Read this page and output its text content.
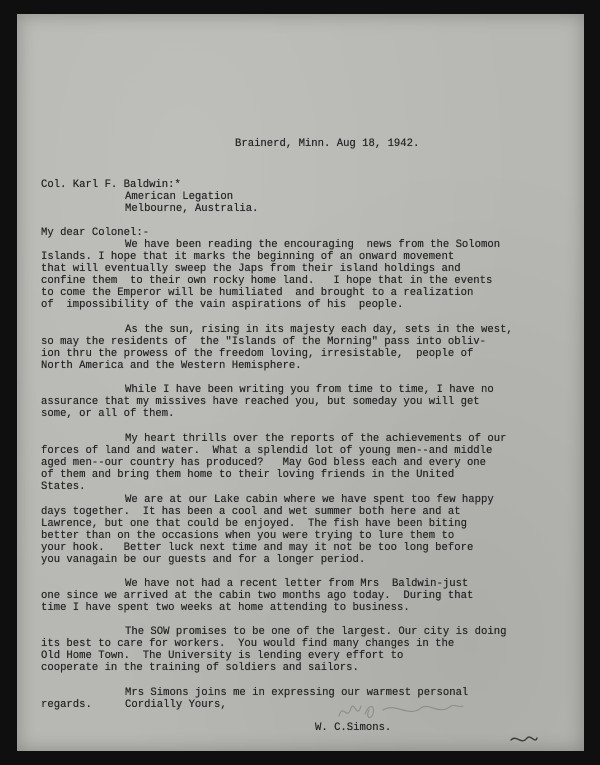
Brainerd, Minn. Aug 18, 1942.
Col. Karl F. Baldwin:*
American Legation
Melbourne, Australia.
My dear Colonel:-
We have been reading the encouraging  news from the Solomon
Islands. I hope that it marks the beginning of an onward movement
that will eventually sweep the Japs from their island holdings and
confine them  to their own rocky home land.   I hope that in the events
to come the Emperor will be humiliated  and brought to a realization
of  impossibility of the vain aspirations of his  people.
As the sun, rising in its majesty each day, sets in the west,
so may the residents of  the "Islands of the Morning" pass into obliv-
ion thru the prowess of the freedom loving, irresistable,  people of
North America and the Western Hemisphere.
While I have been writing you from time to time, I have no
assurance that my missives have reached you, but someday you will get
some, or all of them.
My heart thrills over the reports of the achievements of our
forces of land and water.  What a splendid lot of young men--and middle
aged men--our country has produced?   May God bless each and every one
of them and bring them home to their loving friends in the United
States.
We are at our Lake cabin where we have spent too few happy
days together.  It has been a cool and wet summer both here and at
Lawrence, but one that could be enjoyed.  The fish have been biting
better than on the occasions when you were trying to lure them to
your hook.   Better luck next time and may it not be too long before
you vanagain be our guests and for a longer period.
We have not had a recent letter from Mrs  Baldwin-just
one since we arrived at the cabin two months ago today.  During that
time I have spent two weeks at home attending to business.
The SOW promises to be one of the largest. Our city is doing
its best to care for workers.  You would find many changes in the
Old Home Town.  The University is lending every effort to
cooperate in the training of soldiers and sailors.
Mrs Simons joins me in expressing our warmest personal
regards.	Cordially Yours,
W. C.Simons.
